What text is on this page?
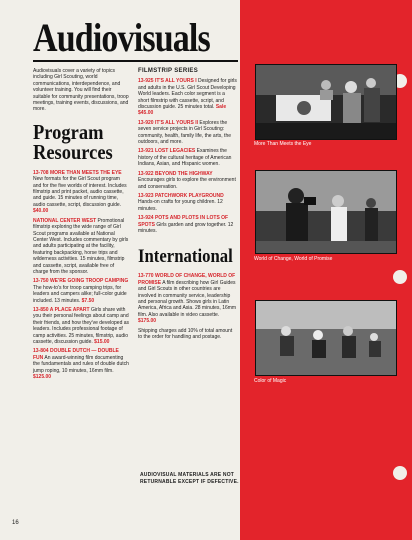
Audiovisuals

Audiovisuals cover a variety of topics including Girl Scouting, world communications, interdependence, and volunteer training. You will find their suitable for community presentations, troop meetings, training events, discussions, and more.

Program
Resources
13-708 MORE THAN MEETS THE EYE New formats for the Girl Scout program and for the five worlds of interest. Includes filmstrip and print packet, audio cassette, and guide. 15 minutes of running time, audio cassette, script, discussion guide. $40.00
NATIONAL CENTER WEST Promotional filmstrip exploring the wide range of Girl Scout programs available at National Center West. Includes commentary by girls and adults participating at the facility, featuring backpacking, horse trips and wilderness activities. 15 minutes, filmstrip and cassette, script, available free of charge from the sponsor.
13-750 WE'RE GOING TROOP CAMPING The how-to's for troop camping trips, for leaders and campers alike; full-color guide included. 13 minutes. $7.50
13-850 A PLACE APART Girls share with you their personal feelings about camp and their friends, and how they've developed as leaders. Includes professional footage of camp activities. 25 minutes, filmstrip, audio cassette, discussion guide. $15.00
13-804 DOUBLE DUTCH — DOUBLE FUN An award-winning film documenting the fundamentals and rules of double dutch jump roping, 10 minutes, 16mm film. $125.00
FILMSTRIP SERIES
13-925 IT'S ALL YOURS I Designed for girls and adults in the U.S. Girl Scout Developing World leaders. Each color segment is a short filmstrip with cassette, script, and discussion guide. 25 minutes total. Sale $45.00
13-920 IT'S ALL YOURS II Explores the seven service projects in Girl Scouting: community, health, family life, the arts, the outdoors, and more.
13-921 LOST LEGACIES Examines the history of the cultural heritage of American Indians, Asian, and Hispanic women.
13-922 BEYOND THE HIGHWAY Encourages girls to explore the environment and conservation.
13-923 PATCHWORK PLAYGROUND Hands-on crafts for young children. 12 minutes.
13-924 POTS AND PLOTS IN LOTS OF SPOTS Girls garden and grow together. 12 minutes.
International
13-770 WORLD OF CHANGE, WORLD OF PROMISE A film describing how Girl Guides and Girl Scouts in other countries are involved in community service, leadership and personal growth. Shows girls in Latin America, Africa and Asia. 28 minutes, 16mm film. Also available in video cassette. $175.00
Shipping charges add 10% of total amount to the order for handling and postage.
More Than Meets the Eye
World of Change, World of Promise
Color of Magic
AUDIOVISUAL MATERIALS ARE NOT RETURNABLE EXCEPT IF DEFECTIVE.
16
